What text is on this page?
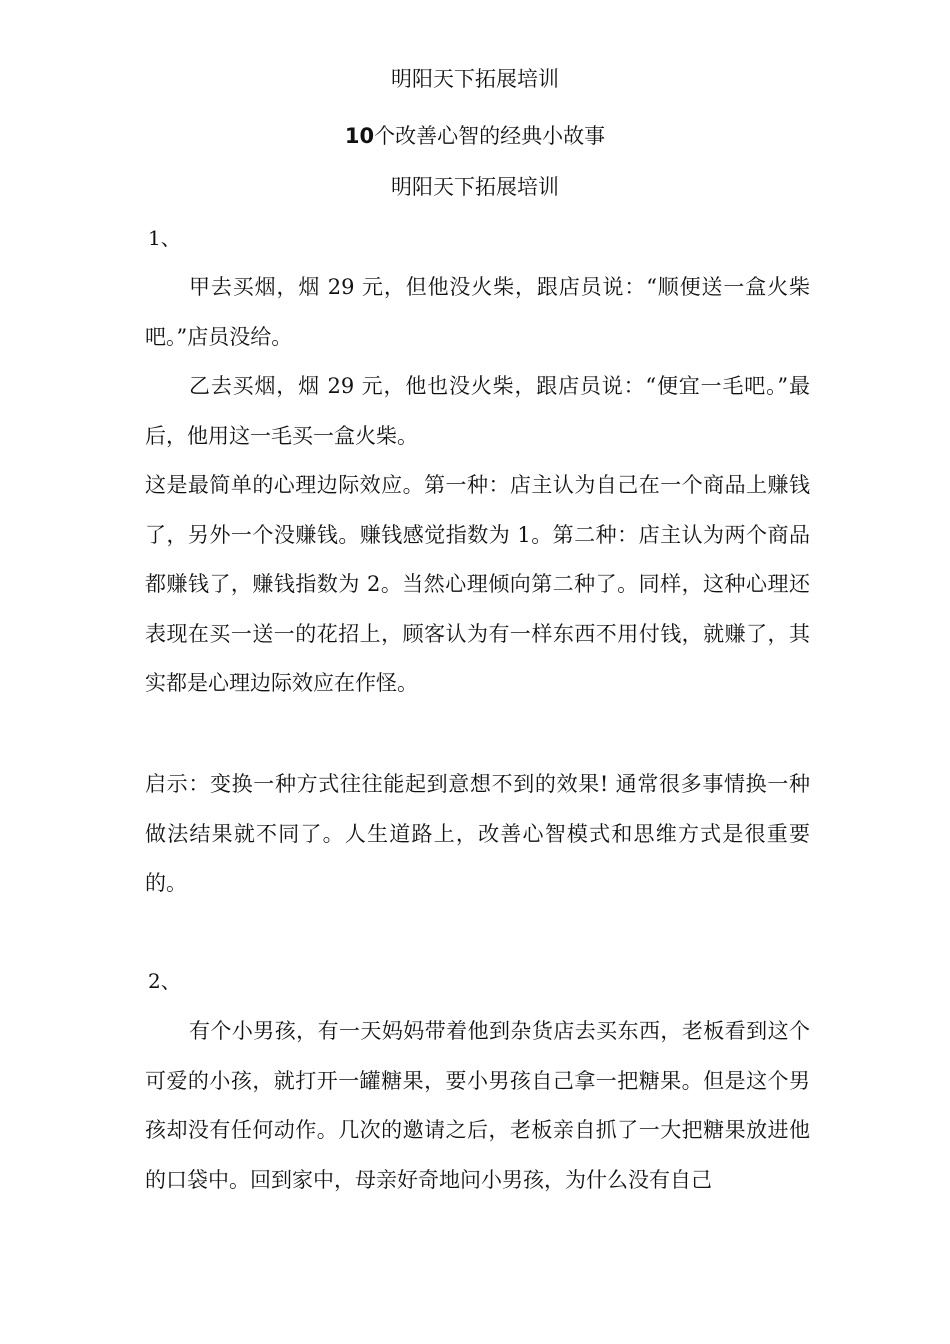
明阳天下拓展培训
10个改善心智的经典小故事
明阳天下拓展培训
1、

甲去买烟，烟 29 元，但他没火柴，跟店员说：“顺便送一盒火柴吧。”店员没给。

乙去买烟，烟 29 元，他也没火柴，跟店员说：“便宜一毛吧。”最后，他用这一毛买一盒火柴。

这是最简单的心理边际效应。第一种：店主认为自己在一个商品上赚钱了，另外一个没赚钱。赚钱感觉指数为 1。第二种：店主认为两个商品都赚钱了，赚钱指数为 2。当然心理倾向第二种了。同样，这种心理还表现在买一送一的花招上，顾客认为有一样东西不用付钱，就赚了，其实都是心理边际效应在作怪。

启示：变换一种方式往往能起到意想不到的效果! 通常很多事情换一种做法结果就不同了。人生道路上，改善心智模式和思维方式是很重要的。
2、

有个小男孩，有一天妈妈带着他到杂货店去买东西，老板看到这个可爱的小孩，就打开一罐糖果，要小男孩自己拿一把糖果。但是这个男孩却没有任何动作。几次的邀请之后，老板亲自抓了一大把糖果放进他的口袋中。回到家中，母亲好奇地问小男孩，为什么没有自己
